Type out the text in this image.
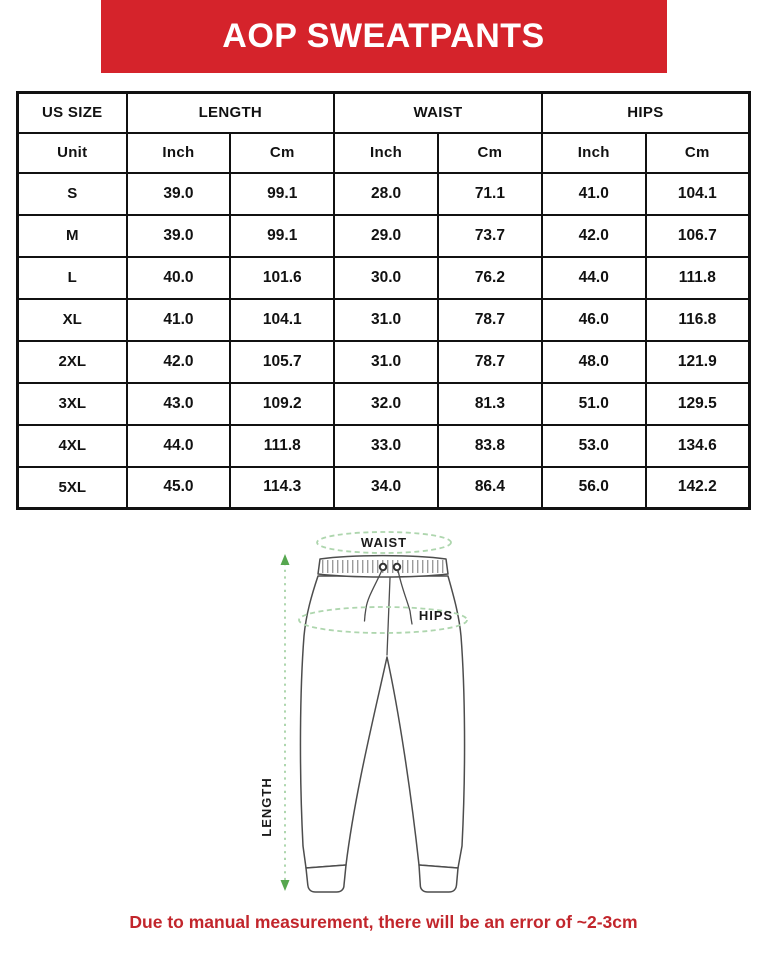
AOP SWEATPANTS
US SIZE	LENGTH		WAIST		HIPS	
Unit	Inch	Cm	Inch	Cm	Inch	Cm
S	39.0	99.1	28.0	71.1	41.0	104.1
M	39.0	99.1	29.0	73.7	42.0	106.7
L	40.0	101.6	30.0	76.2	44.0	111.8
XL	41.0	104.1	31.0	78.7	46.0	116.8
2XL	42.0	105.7	31.0	78.7	48.0	121.9
3XL	43.0	109.2	32.0	81.3	51.0	129.5
4XL	44.0	111.8	33.0	83.8	53.0	134.6
5XL	45.0	114.3	34.0	86.4	56.0	142.2
LENGTH
WAIST
HIPS
Due to manual measurement, there will be an error of ~2-3cm
